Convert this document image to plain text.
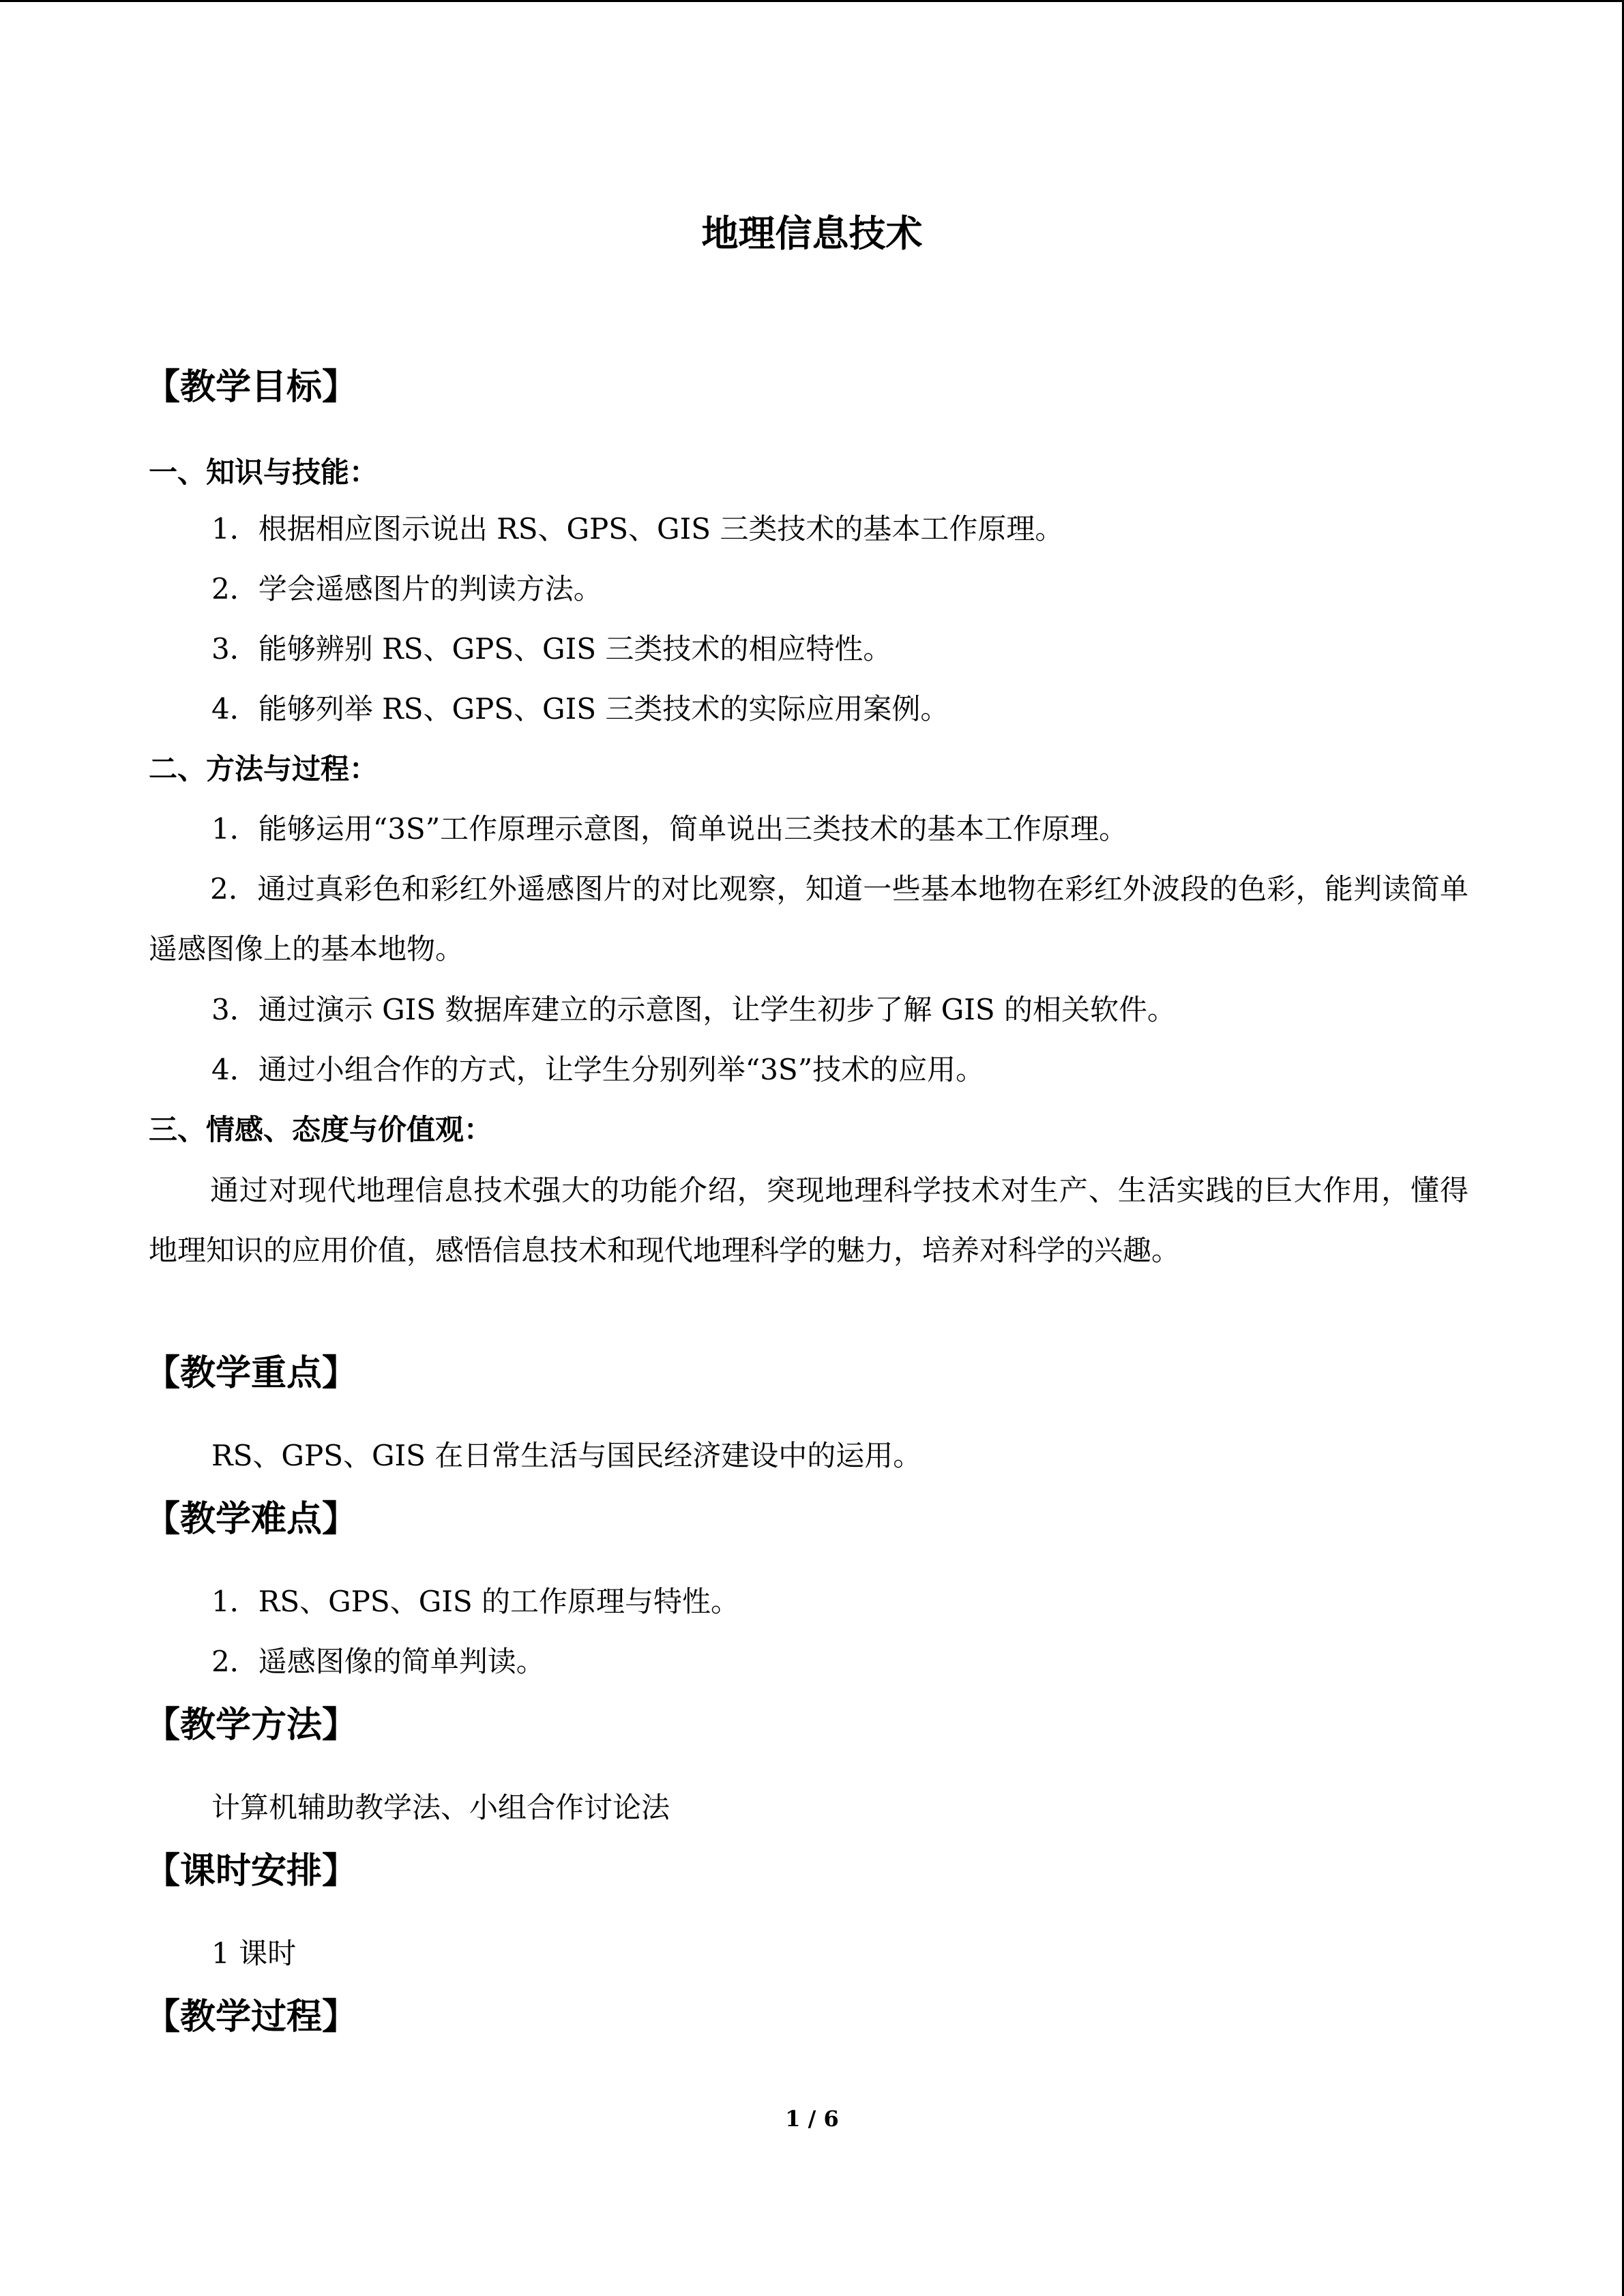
地理信息技术
【教学目标】
一、知识与技能：
1．根据相应图示说出 RS、GPS、GIS 三类技术的基本工作原理。
2．学会遥感图片的判读方法。
3．能够辨别 RS、GPS、GIS 三类技术的相应特性。
4．能够列举 RS、GPS、GIS 三类技术的实际应用案例。
二、方法与过程：
1．能够运用“3S”工作原理示意图，简单说出三类技术的基本工作原理。
2．通过真彩色和彩红外遥感图片的对比观察，知道一些基本地物在彩红外波段的色彩，能判读简单遥感图像上的基本地物。
3．通过演示 GIS 数据库建立的示意图，让学生初步了解 GIS 的相关软件。
4．通过小组合作的方式，让学生分别列举“3S”技术的应用。
三、情感、态度与价值观：
通过对现代地理信息技术强大的功能介绍，突现地理科学技术对生产、生活实践的巨大作用，懂得地理知识的应用价值，感悟信息技术和现代地理科学的魅力，培养对科学的兴趣。
【教学重点】
RS、GPS、GIS 在日常生活与国民经济建设中的运用。
【教学难点】
1．RS、GPS、GIS 的工作原理与特性。
2．遥感图像的简单判读。
【教学方法】
计算机辅助教学法、小组合作讨论法
【课时安排】
1 课时
【教学过程】
1 / 6
